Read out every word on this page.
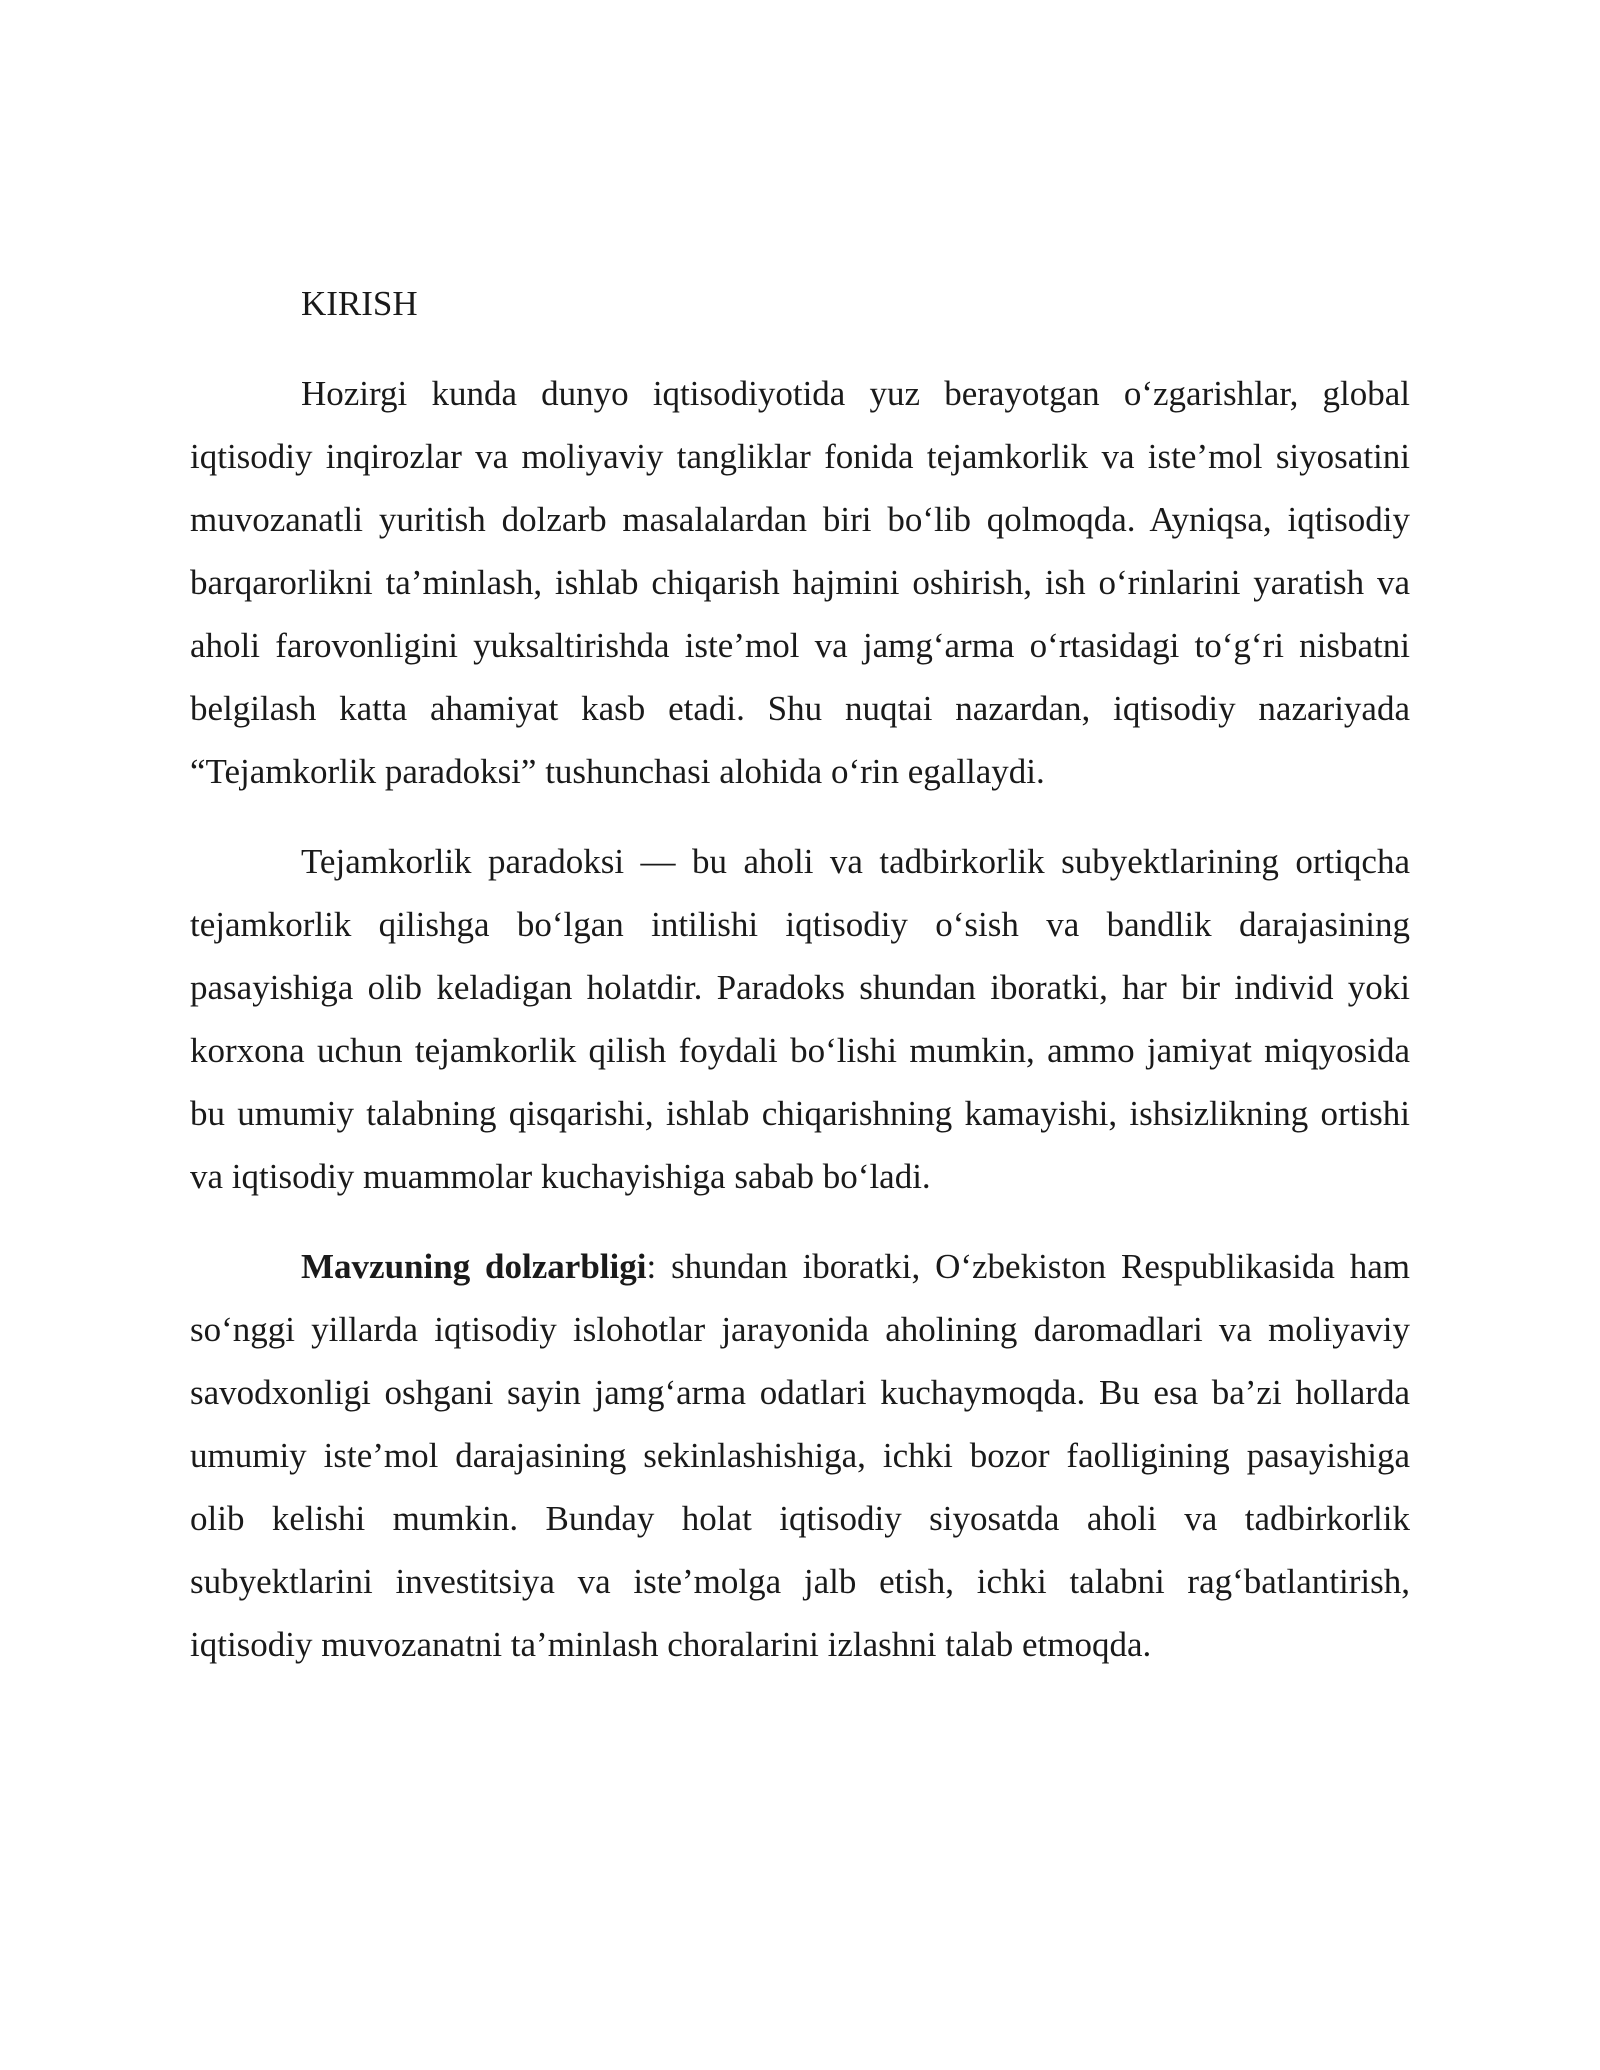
KIRISH

Hozirgi kunda dunyo iqtisodiyotida yuz berayotgan o‘zgarishlar, global iqtisodiy inqirozlar va moliyaviy tangliklar fonida tejamkorlik va iste’mol siyosatini muvozanatli yuritish dolzarb masalalardan biri bo‘lib qolmoqda. Ayniqsa, iqtisodiy barqarorlikni ta’minlash, ishlab chiqarish hajmini oshirish, ish o‘rinlarini yaratish va aholi farovonligini yuksaltirishda iste’mol va jamg‘arma o‘rtasidagi to‘g‘ri nisbatni belgilash katta ahamiyat kasb etadi. Shu nuqtai nazardan, iqtisodiy nazariyada “Tejamkorlik paradoksi” tushunchasi alohida o‘rin egallaydi.

Tejamkorlik paradoksi — bu aholi va tadbirkorlik subyektlarining ortiqcha tejamkorlik qilishga bo‘lgan intilishi iqtisodiy o‘sish va bandlik darajasining pasayishiga olib keladigan holatdir. Paradoks shundan iboratki, har bir individ yoki korxona uchun tejamkorlik qilish foydali bo‘lishi mumkin, ammo jamiyat miqyosida bu umumiy talabning qisqarishi, ishlab chiqarishning kamayishi, ishsizlikning ortishi va iqtisodiy muammolar kuchayishiga sabab bo‘ladi.

Mavzuning dolzarbligi: shundan iboratki, O‘zbekiston Respublikasida ham so‘nggi yillarda iqtisodiy islohotlar jarayonida aholining daromadlari va moliyaviy savodxonligi oshgani sayin jamg‘arma odatlari kuchaymoqda. Bu esa ba’zi hollarda umumiy iste’mol darajasining sekinlashishiga, ichki bozor faolligining pasayishiga olib kelishi mumkin. Bunday holat iqtisodiy siyosatda aholi va tadbirkorlik subyektlarini investitsiya va iste’molga jalb etish, ichki talabni rag‘batlantirish, iqtisodiy muvozanatni ta’minlash choralarini izlashni talab etmoqda.
